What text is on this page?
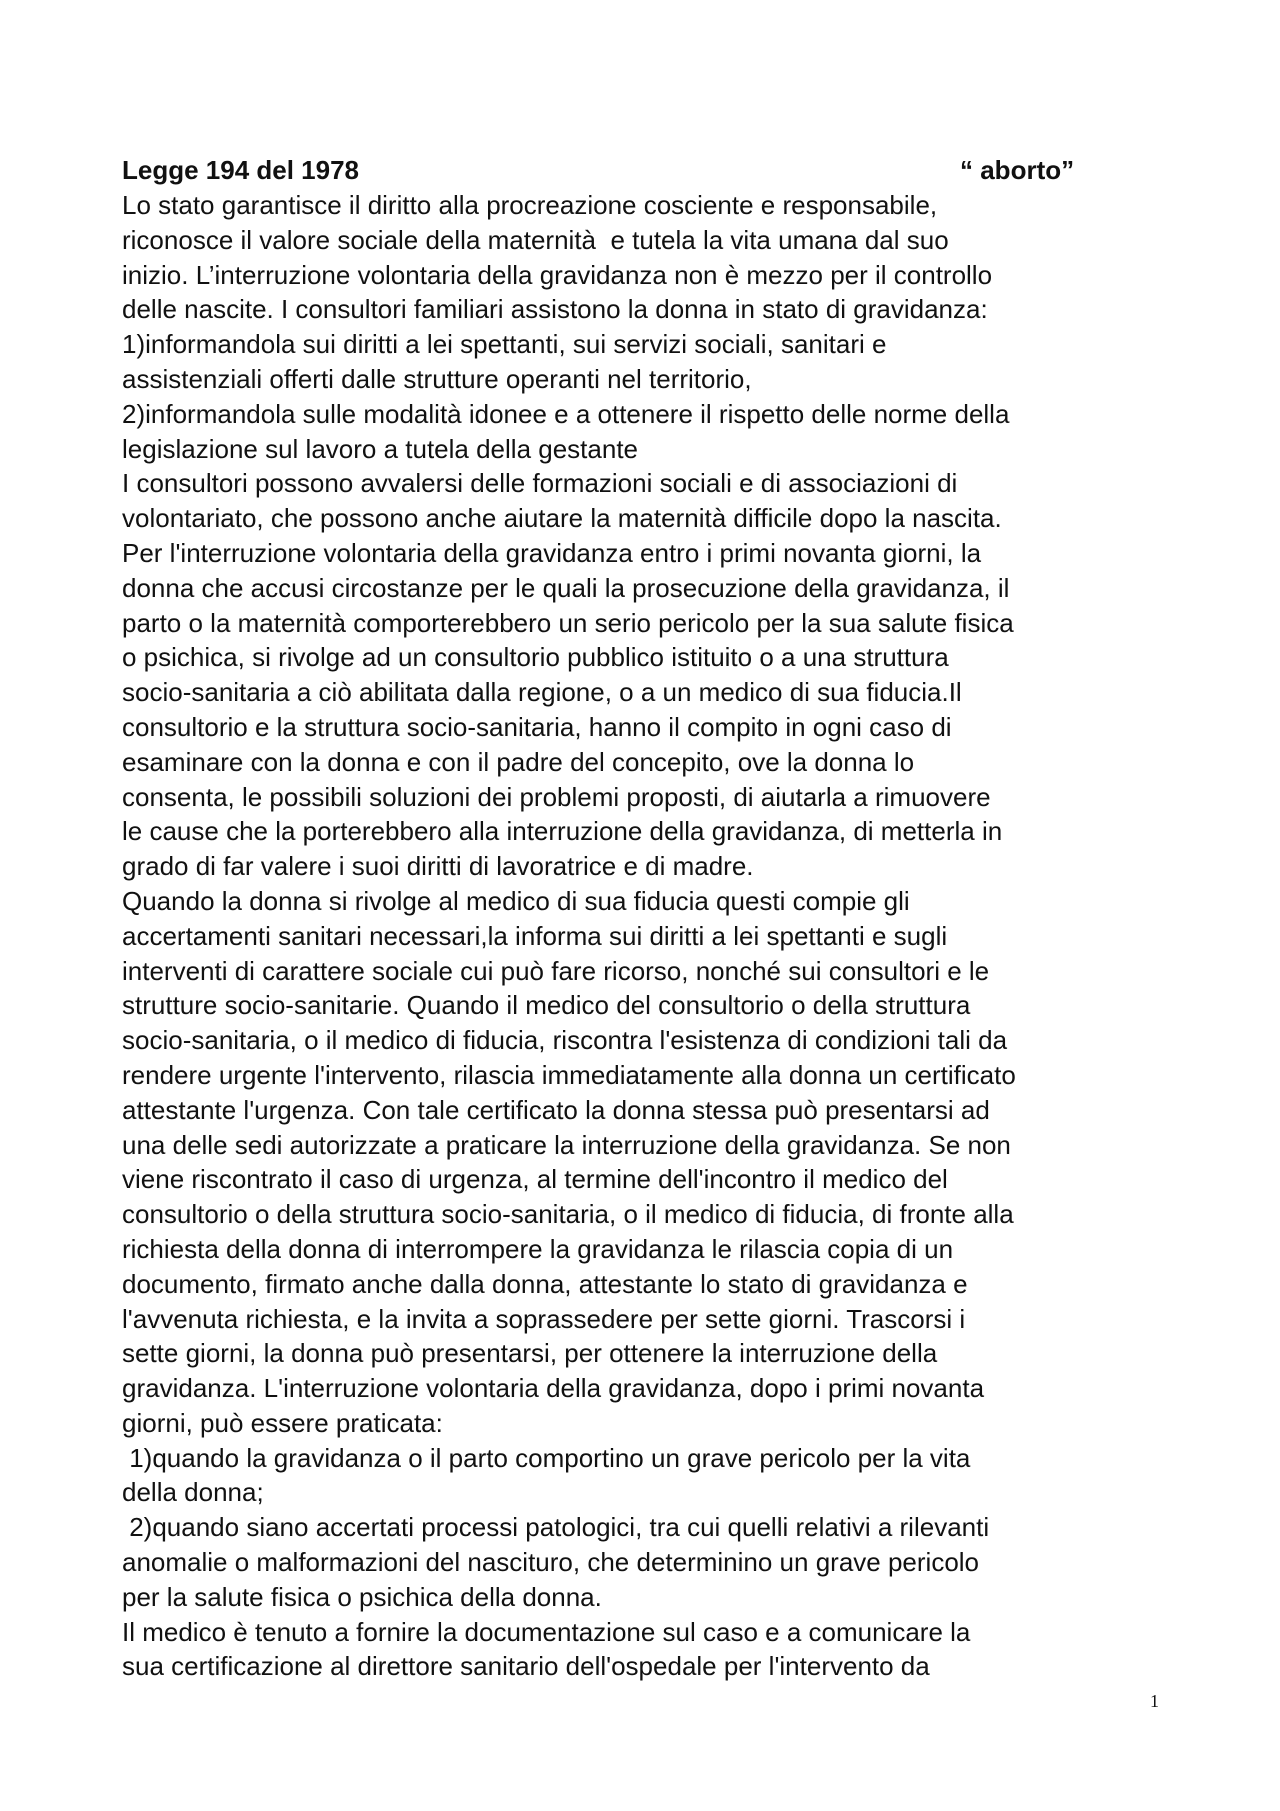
Legge 194 del 1978	“ aborto”
Lo stato garantisce il diritto alla procreazione cosciente e responsabile,
riconosce il valore sociale della maternità  e tutela la vita umana dal suo
inizio. L’interruzione volontaria della gravidanza non è mezzo per il controllo
delle nascite. I consultori familiari assistono la donna in stato di gravidanza:
1)informandola sui diritti a lei spettanti, sui servizi sociali, sanitari e
assistenziali offerti dalle strutture operanti nel territorio,
2)informandola sulle modalità idonee e a ottenere il rispetto delle norme della
legislazione sul lavoro a tutela della gestante
I consultori possono avvalersi delle formazioni sociali e di associazioni di
volontariato, che possono anche aiutare la maternità difficile dopo la nascita.
Per l'interruzione volontaria della gravidanza entro i primi novanta giorni, la
donna che accusi circostanze per le quali la prosecuzione della gravidanza, il
parto o la maternità comporterebbero un serio pericolo per la sua salute fisica
o psichica, si rivolge ad un consultorio pubblico istituito o a una struttura
socio-sanitaria a ciò abilitata dalla regione, o a un medico di sua fiducia.Il
consultorio e la struttura socio-sanitaria, hanno il compito in ogni caso di
esaminare con la donna e con il padre del concepito, ove la donna lo
consenta, le possibili soluzioni dei problemi proposti, di aiutarla a rimuovere
le cause che la porterebbero alla interruzione della gravidanza, di metterla in
grado di far valere i suoi diritti di lavoratrice e di madre.
Quando la donna si rivolge al medico di sua fiducia questi compie gli
accertamenti sanitari necessari,la informa sui diritti a lei spettanti e sugli
interventi di carattere sociale cui può fare ricorso, nonché sui consultori e le
strutture socio-sanitarie. Quando il medico del consultorio o della struttura
socio-sanitaria, o il medico di fiducia, riscontra l'esistenza di condizioni tali da
rendere urgente l'intervento, rilascia immediatamente alla donna un certificato
attestante l'urgenza. Con tale certificato la donna stessa può presentarsi ad
una delle sedi autorizzate a praticare la interruzione della gravidanza. Se non
viene riscontrato il caso di urgenza, al termine dell'incontro il medico del
consultorio o della struttura socio-sanitaria, o il medico di fiducia, di fronte alla
richiesta della donna di interrompere la gravidanza le rilascia copia di un
documento, firmato anche dalla donna, attestante lo stato di gravidanza e
l'avvenuta richiesta, e la invita a soprassedere per sette giorni. Trascorsi i
sette giorni, la donna può presentarsi, per ottenere la interruzione della
gravidanza. L'interruzione volontaria della gravidanza, dopo i primi novanta
giorni, può essere praticata:
1)quando la gravidanza o il parto comportino un grave pericolo per la vita
della donna;
2)quando siano accertati processi patologici, tra cui quelli relativi a rilevanti
anomalie o malformazioni del nascituro, che determinino un grave pericolo
per la salute fisica o psichica della donna.
Il medico è tenuto a fornire la documentazione sul caso e a comunicare la
sua certificazione al direttore sanitario dell'ospedale per l'intervento da
1
